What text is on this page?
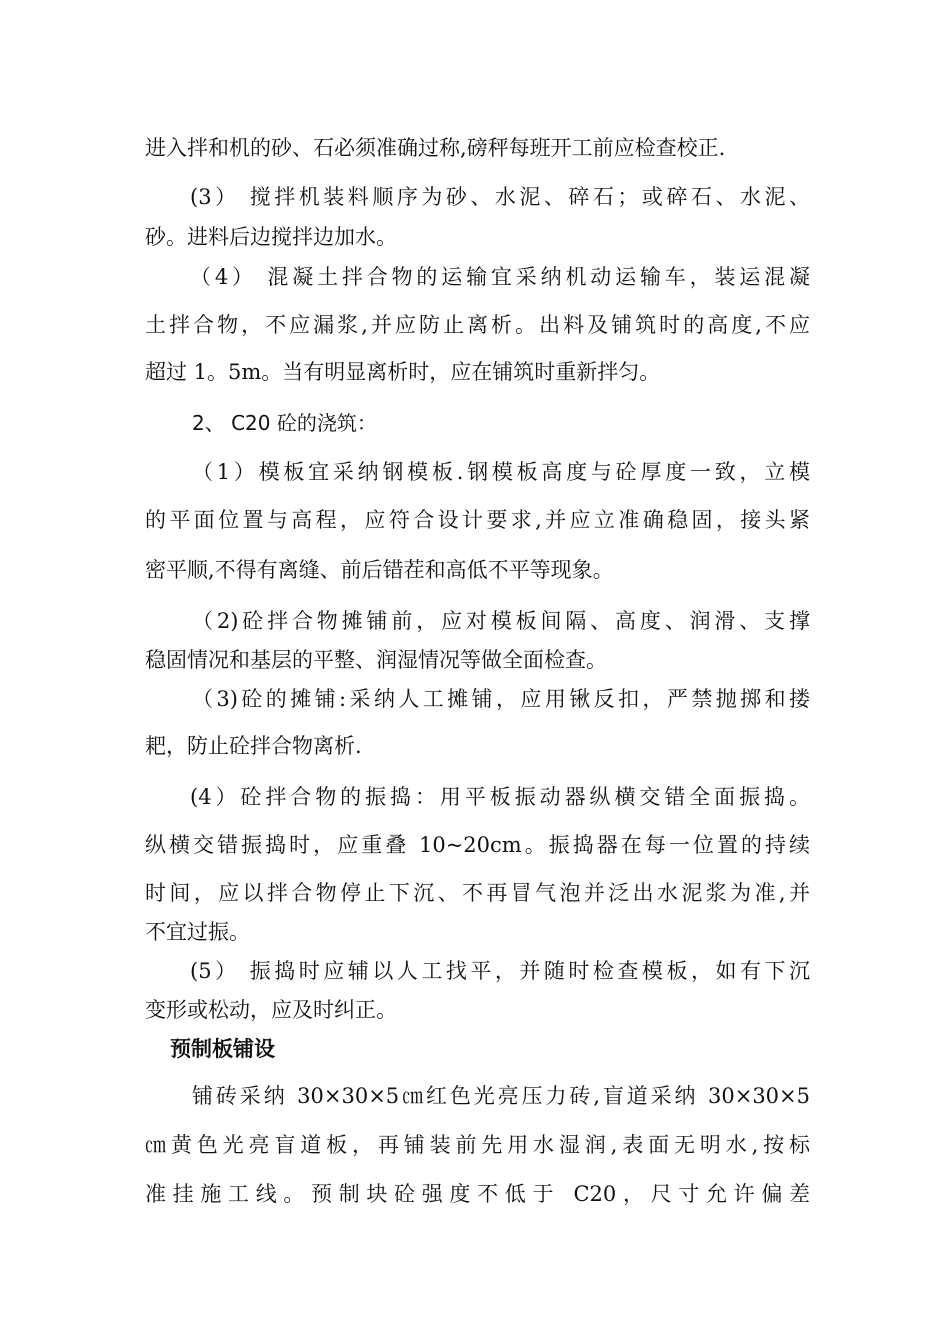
进入拌和机的砂、石必须准确过称,磅秤每班开工前应检查校正.
(3） 搅拌机装料顺序为砂、水泥、碎石；或碎石、水泥、
砂。进料后边搅拌边加水。
（4） 混凝土拌合物的运输宜采纳机动运输车，装运混凝
土拌合物，不应漏浆,并应防止离析。出料及铺筑时的高度,不应
超过 1。5m。当有明显离析时，应在铺筑时重新拌匀。
2、 C20 砼的浇筑：
（1）模板宜采纳钢模板.钢模板高度与砼厚度一致，立模
的平面位置与高程，应符合设计要求,并应立准确稳固，接头紧
密平顺,不得有离缝、前后错茬和高低不平等现象。
（2)砼拌合物摊铺前，应对模板间隔、高度、润滑、支撑
稳固情况和基层的平整、润湿情况等做全面检查。
（3)砼的摊铺:采纳人工摊铺，应用锹反扣，严禁抛掷和搂
耙，防止砼拌合物离析.
(4）砼拌合物的振捣：用平板振动器纵横交错全面振捣。
纵横交错振捣时，应重叠 10~20cm。振捣器在每一位置的持续
时间，应以拌合物停止下沉、不再冒气泡并泛出水泥浆为准,并
不宜过振。
(5） 振捣时应辅以人工找平，并随时检查模板，如有下沉
变形或松动，应及时纠正。
预制板铺设
铺砖采纳 30×30×5㎝红色光亮压力砖,盲道采纳 30×30×5
㎝黄色光亮盲道板，再铺装前先用水湿润,表面无明水,按标
准挂施工线。预制块砼强度不低于 C20，尺寸允许偏差
